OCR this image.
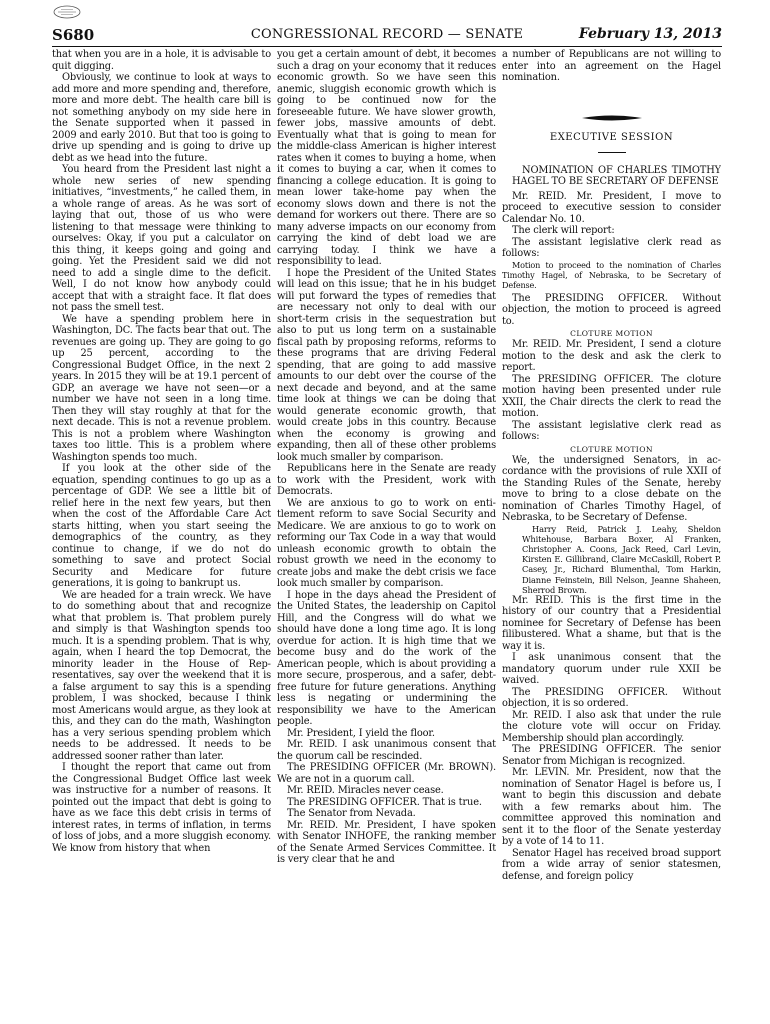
S680	CONGRESSIONAL RECORD — SENATE	February 13, 2013

that when you are in a hole, it is advisable to quit digging.

Obviously, we continue to look at ways to add more and more spending and, therefore, more and more debt. The health care bill is not something anybody on my side here in the Senate supported when it passed in 2009 and early 2010. But that too is going to drive up spending and is going to drive up debt as we head into the future.

You heard from the President last night a whole new series of new spending initiatives, “investments,” he called them, in a whole range of areas. As he was sort of laying that out, those of us who were listening to that message were thinking to ourselves: Okay, if you put a calculator on this thing, it keeps going and going and going. Yet the President said we did not need to add a single dime to the deficit. Well, I do not know how anybody could accept that with a straight face. It flat does not pass the smell test.

We have a spending problem here in Washington, DC. The facts bear that out. The revenues are going up. They are going to go up 25 percent, according to the Congressional Budget Office, in the next 2 years. In 2015 they will be at 19.1 percent of GDP, an average we have not seen—or a number we have not seen in a long time. Then they will stay roughly at that for the next decade. This is not a revenue problem. This is not a problem where Washington taxes too little. This is a problem where Washington spends too much.

If you look at the other side of the equation, spending continues to go up as a percentage of GDP. We see a little bit of relief here in the next few years, but then when the cost of the Affordable Care Act starts hitting, when you start seeing the demographics of the country, as they continue to change, if we do not do something to save and protect Social Security and Medicare for future generations, it is going to bankrupt us.

We are headed for a train wreck. We have to do something about that and recognize what that problem is. That problem purely and simply is that Washington spends too much. It is a spending problem. That is why, again, when I heard the top Democrat, the minority leader in the House of Representatives, say over the weekend that it is a false argument to say this is a spending problem, I was shocked, because I think most Americans would argue, as they look at this, and they can do the math, Washington has a very serious spending problem which needs to be addressed. It needs to be addressed sooner rather than later.

I thought the report that came out from the Congressional Budget Office last week was instructive for a number of reasons. It pointed out the impact that debt is going to have as we face this debt crisis in terms of interest rates, in terms of inflation, in terms of loss of jobs, and a more sluggish economy. We know from history that when

you get a certain amount of debt, it becomes such a drag on your economy that it reduces economic growth. So we have seen this anemic, sluggish economic growth which is going to be continued now for the foreseeable future. We have slower growth, fewer jobs, massive amounts of debt. Eventually what that is going to mean for the middle-class American is higher interest rates when it comes to buying a home, when it comes to buying a car, when it comes to financing a college education. It is going to mean lower take-home pay when the economy slows down and there is not the demand for workers out there. There are so many adverse impacts on our economy from carrying the kind of debt load we are carrying today. I think we have a responsibility to lead.

I hope the President of the United States will lead on this issue; that he in his budget will put forward the types of remedies that are necessary not only to deal with our short-term crisis in the sequestration but also to put us long term on a sustainable fiscal path by proposing reforms, reforms to these programs that are driving Federal spending, that are going to add massive amounts to our debt over the course of the next decade and beyond, and at the same time look at things we can be doing that would generate economic growth, that would create jobs in this country. Because when the economy is growing and expanding, then all of these other problems look much smaller by comparison.

Republicans here in the Senate are ready to work with the President, work with Democrats.

We are anxious to go to work on entitlement reform to save Social Security and Medicare. We are anxious to go to work on reforming our Tax Code in a way that would unleash economic growth to obtain the robust growth we need in the economy to create jobs and make the debt crisis we face look much smaller by comparison.

I hope in the days ahead the President of the United States, the leadership on Capitol Hill, and the Congress will do what we should have done a long time ago. It is long overdue for action. It is high time that we become busy and do the work of the American people, which is about providing a more secure, prosperous, and a safer, debt-free future for future generations. Anything less is negating or undermining the responsibility we have to the American people.

Mr. President, I yield the floor.

Mr. REID. I ask unanimous consent that the quorum call be rescinded.

The PRESIDING OFFICER (Mr. BROWN). We are not in a quorum call.

Mr. REID. Miracles never cease.

The PRESIDING OFFICER. That is true.

The Senator from Nevada.

Mr. REID. Mr. President, I have spoken with Senator INHOFE, the ranking member of the Senate Armed Services Committee. It is very clear that he and

a number of Republicans are not willing to enter into an agreement on the Hagel nomination.

EXECUTIVE SESSION

NOMINATION OF CHARLES TIMOTHY HAGEL TO BE SECRETARY OF DEFENSE

Mr. REID. Mr. President, I move to proceed to executive session to consider Calendar No. 10.

The clerk will report:

The assistant legislative clerk read as follows:

Motion to proceed to the nomination of Charles Timothy Hagel, of Nebraska, to be Secretary of Defense.

The PRESIDING OFFICER. Without objection, the motion to proceed is agreed to.

CLOTURE MOTION

Mr. REID. Mr. President, I send a cloture motion to the desk and ask the clerk to report.

The PRESIDING OFFICER. The cloture motion having been presented under rule XXII, the Chair directs the clerk to read the motion.

The assistant legislative clerk read as follows:

CLOTURE MOTION

We, the undersigned Senators, in accordance with the provisions of rule XXII of the Standing Rules of the Senate, hereby move to bring to a close debate on the nomination of Charles Timothy Hagel, of Nebraska, to be Secretary of Defense.

Harry Reid, Patrick J. Leahy, Sheldon Whitehouse, Barbara Boxer, Al Franken, Christopher A. Coons, Jack Reed, Carl Levin, Kirsten E. Gillibrand, Claire McCaskill, Robert P. Casey, Jr., Richard Blumenthal, Tom Harkin, Dianne Feinstein, Bill Nelson, Jeanne Shaheen, Sherrod Brown.

Mr. REID. This is the first time in the history of our country that a Presidential nominee for Secretary of Defense has been filibustered. What a shame, but that is the way it is.

I ask unanimous consent that the mandatory quorum under rule XXII be waived.

The PRESIDING OFFICER. Without objection, it is so ordered.

Mr. REID. I also ask that under the rule the cloture vote will occur on Friday. Membership should plan accordingly.

The PRESIDING OFFICER. The senior Senator from Michigan is recognized.

Mr. LEVIN. Mr. President, now that the nomination of Senator Hagel is before us, I want to begin this discussion and debate with a few remarks about him. The committee approved this nomination and sent it to the floor of the Senate yesterday by a vote of 14 to 11.

Senator Hagel has received broad support from a wide array of senior statesmen, defense, and foreign policy
